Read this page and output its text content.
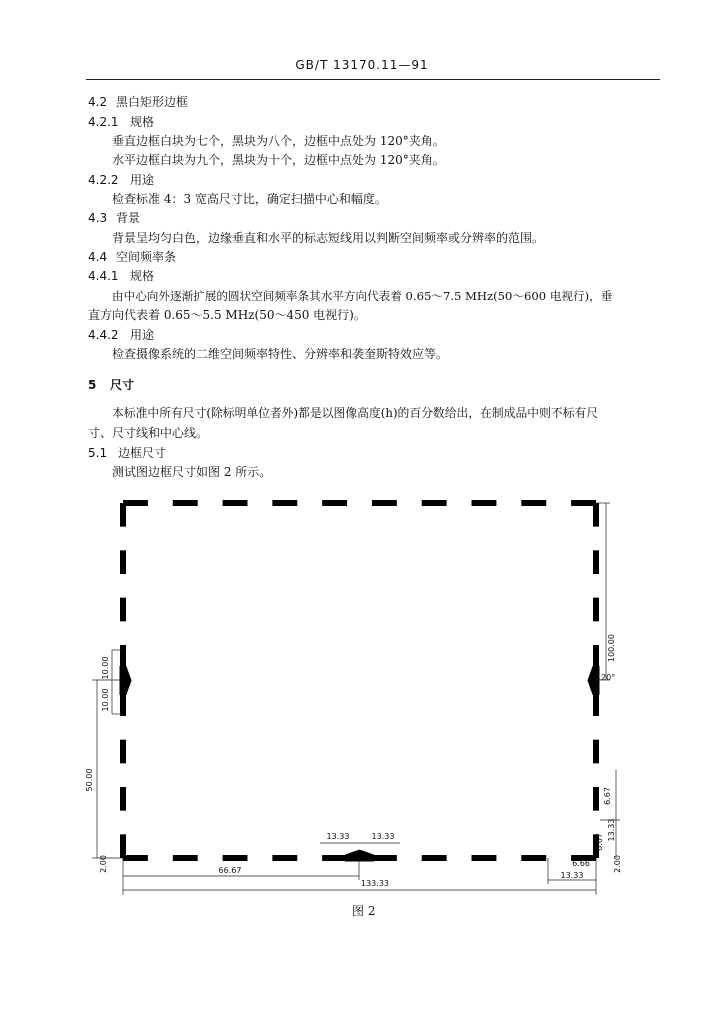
GB/T 13170.11—91
4.2 黑白矩形边框
4.2.1 规格
垂直边框白块为七个，黑块为八个，边框中点处为 120°夹角。
水平边框白块为九个，黑块为十个，边框中点处为 120°夹角。
4.2.2 用途
检查标准 4：3 宽高尺寸比，确定扫描中心和幅度。
4.3 背景
背景呈均匀白色，边缘垂直和水平的标志短线用以判断空间频率或分辨率的范围。
4.4 空间频率条
4.4.1 规格
由中心向外逐渐扩展的圆状空间频率条其水平方向代表着 0.65～7.5 MHz(50～600 电视行)，垂
直方向代表着 0.65～5.5 MHz(50～450 电视行)。
4.4.2 用途
检查摄像系统的二维空间频率特性、分辨率和袭奎斯特效应等。
5 尺寸
本标准中所有尺寸(除标明单位者外)都是以图像高度(h)的百分数给出，在制成品中则不标有尺
寸、尺寸线和中心线。
5.1 边框尺寸
测试图边框尺寸如图 2 所示。
10.00
10.00
50.00
2.00	66.67
133.33
13.33
13.33	13.33
100.00
120°
6.67
13.33
6.67
2.00
6.66
图 2
